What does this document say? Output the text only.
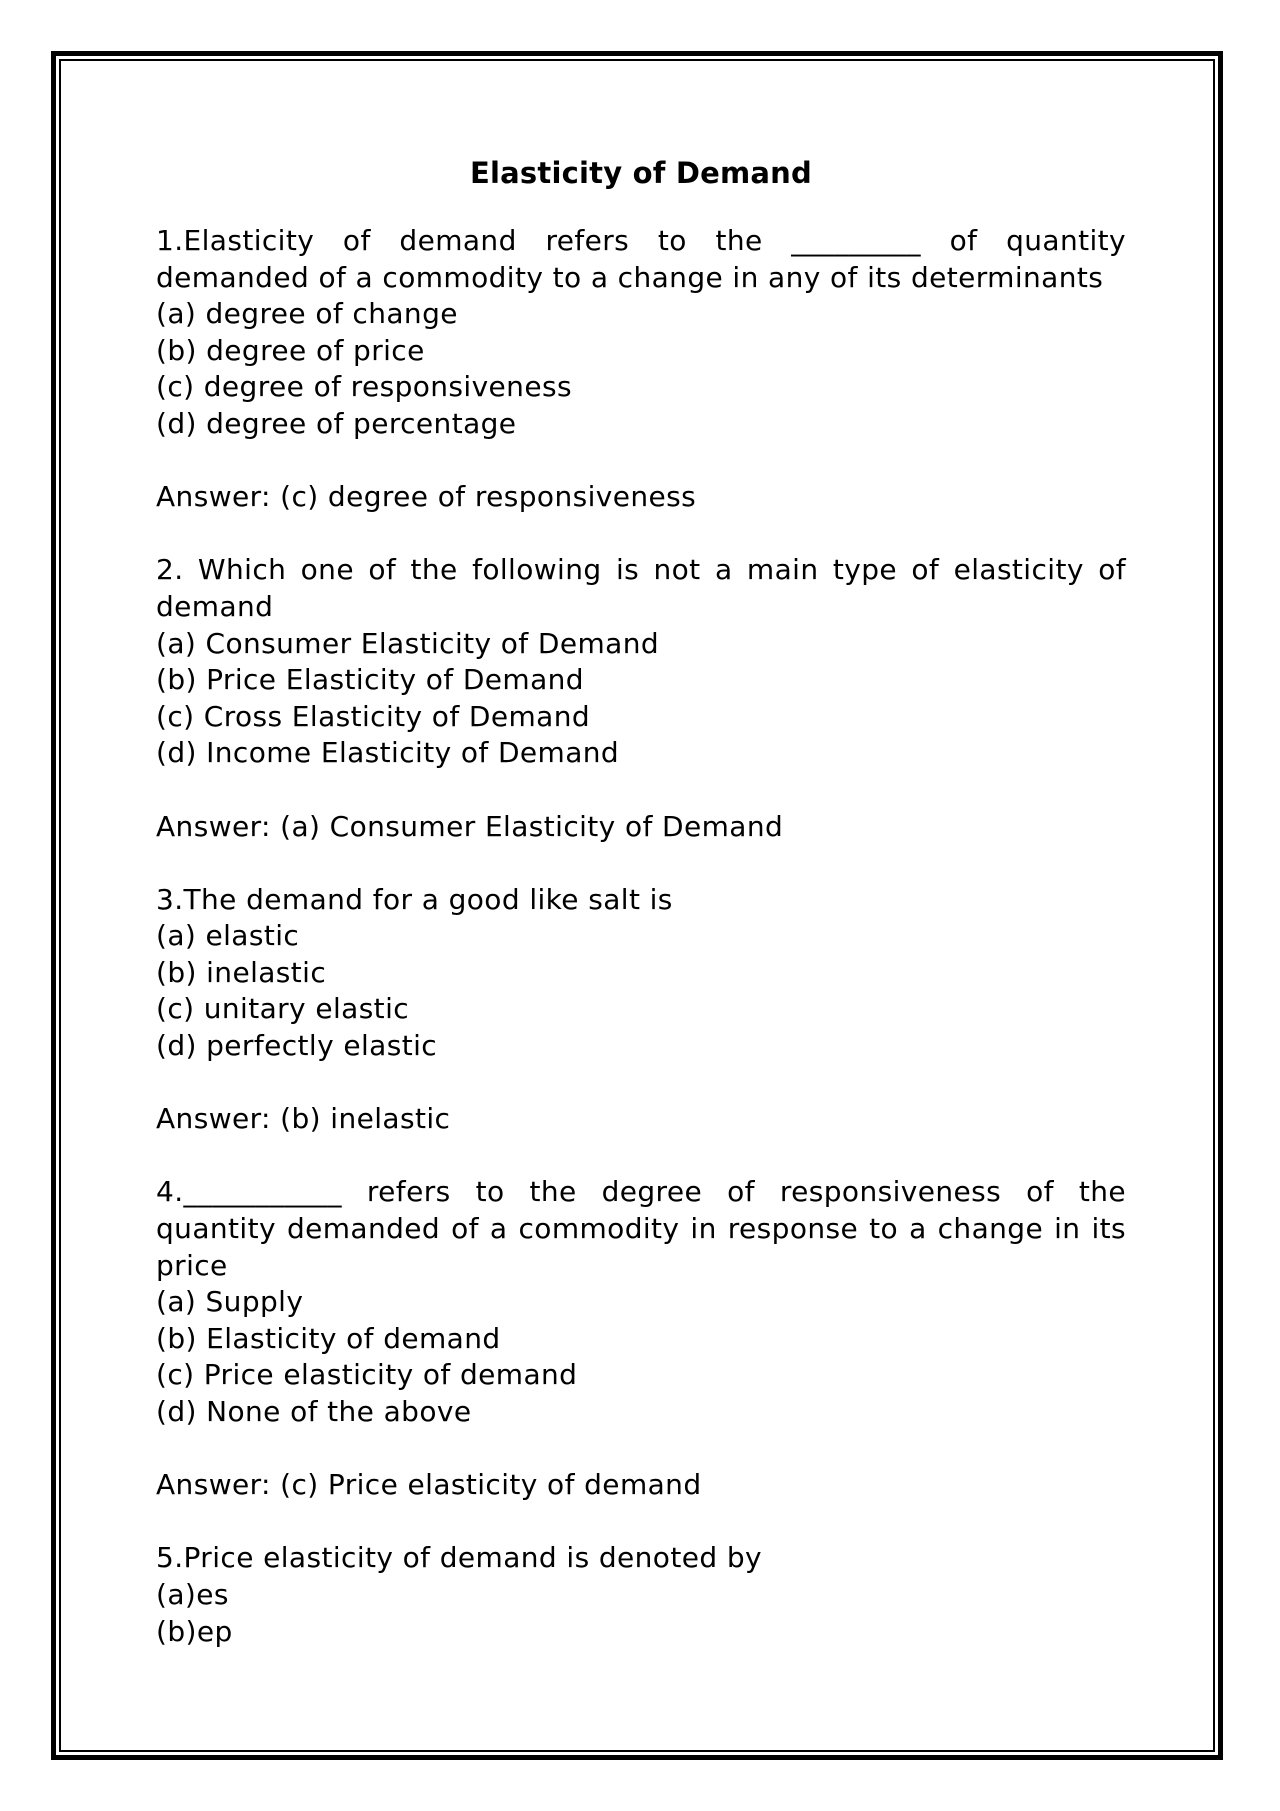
Elasticity of Demand

1.Elasticity of demand refers to the _________ of quantity demanded of a commodity to a change in any of its determinants

(a) degree of change

(b) degree of price

(c) degree of responsiveness

(d) degree of percentage

Answer: (c) degree of responsiveness

2. Which one of the following is not a main type of elasticity of demand

(a) Consumer Elasticity of Demand

(b) Price Elasticity of Demand

(c) Cross Elasticity of Demand

(d) Income Elasticity of Demand

Answer: (a) Consumer Elasticity of Demand

3.The demand for a good like salt is

(a) elastic

(b) inelastic

(c) unitary elastic

(d) perfectly elastic

Answer: (b) inelastic

4.___________ refers to the degree of responsiveness of the quantity demanded of a commodity in response to a change in its price

(a) Supply

(b) Elasticity of demand

(c) Price elasticity of demand

(d) None of the above

Answer: (c) Price elasticity of demand

5.Price elasticity of demand is denoted by

(a)es

(b)ep
